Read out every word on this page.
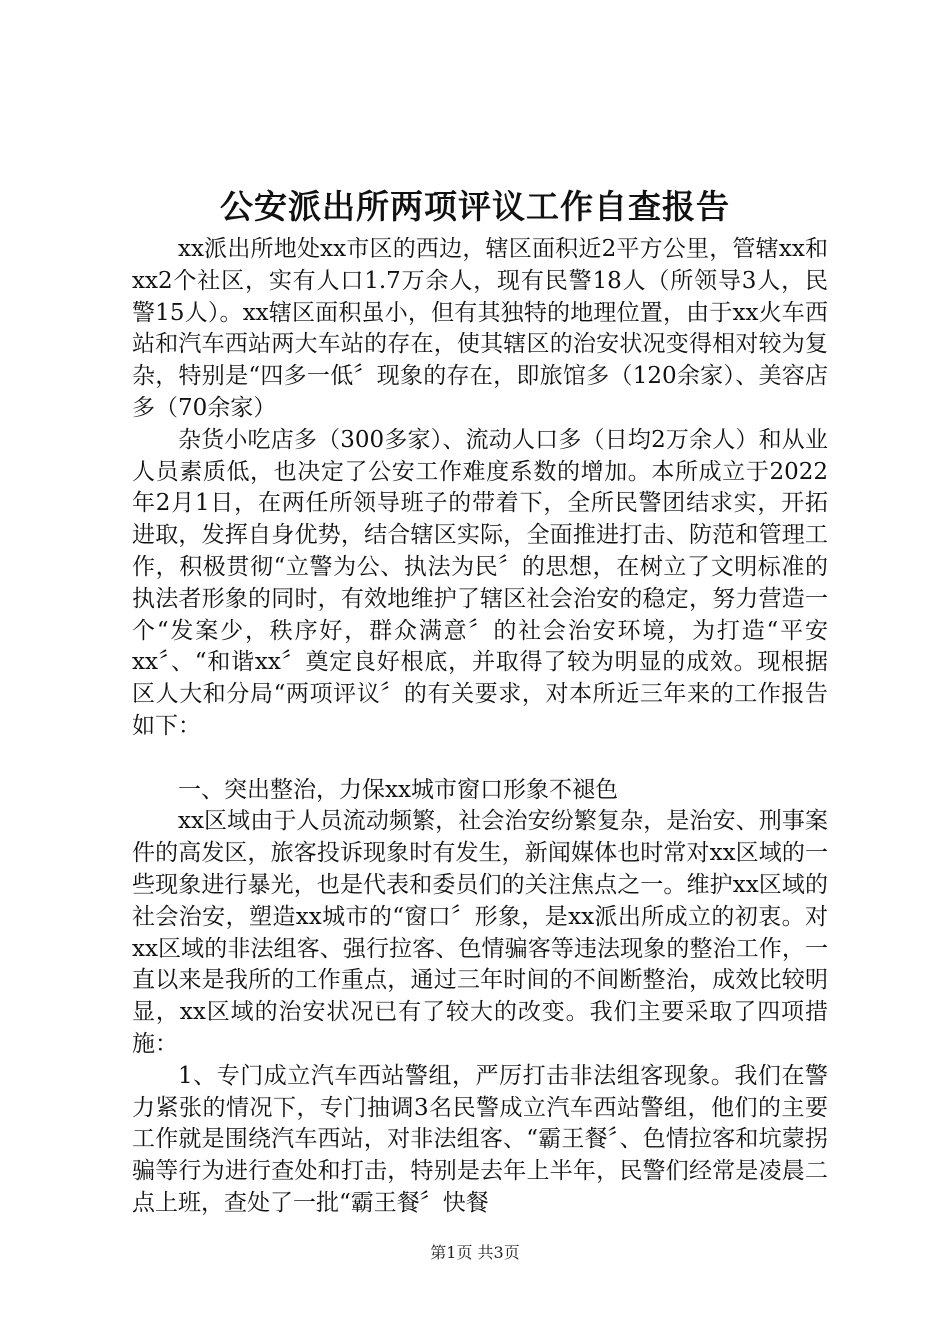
公安派出所两项评议工作自查报告

xx派出所地处xx市区的西边，辖区面积近2平方公里，管辖xx和xx2个社区，实有人口1.7万余人，现有民警18人（所领导3人，民警15人）。xx辖区面积虽小，但有其独特的地理位置，由于xx火车西站和汽车西站两大车站的存在，使其辖区的治安状况变得相对较为复杂，特别是“四多一低〞现象的存在，即旅馆多（120余家）、美容店多（70余家）

杂货小吃店多（300多家）、流动人口多（日均2万余人）和从业人员素质低，也决定了公安工作难度系数的增加。本所成立于2022年2月1日，在两任所领导班子的带着下，全所民警团结求实，开拓进取，发挥自身优势，结合辖区实际，全面推进打击、防范和管理工作，积极贯彻“立警为公、执法为民〞的思想，在树立了文明标准的执法者形象的同时，有效地维护了辖区社会治安的稳定，努力营造一个“发案少，秩序好，群众满意〞的社会治安环境，为打造“平安xx〞、“和谐xx〞奠定良好根底，并取得了较为明显的成效。现根据区人大和分局“两项评议〞的有关要求，对本所近三年来的工作报告如下：

一、突出整治，力保xx城市窗口形象不褪色

xx区域由于人员流动频繁，社会治安纷繁复杂，是治安、刑事案件的高发区，旅客投诉现象时有发生，新闻媒体也时常对xx区域的一些现象进行暴光，也是代表和委员们的关注焦点之一。维护xx区域的社会治安，塑造xx城市的“窗口〞形象，是xx派出所成立的初衷。对xx区域的非法组客、强行拉客、色情骗客等违法现象的整治工作，一直以来是我所的工作重点，通过三年时间的不间断整治，成效比较明显，xx区域的治安状况已有了较大的改变。我们主要采取了四项措施：

1、专门成立汽车西站警组，严厉打击非法组客现象。我们在警力紧张的情况下，专门抽调3名民警成立汽车西站警组，他们的主要工作就是围绕汽车西站，对非法组客、“霸王餐〞、色情拉客和坑蒙拐骗等行为进行查处和打击，特别是去年上半年，民警们经常是凌晨二点上班，查处了一批“霸王餐〞快餐

第1页 共3页
